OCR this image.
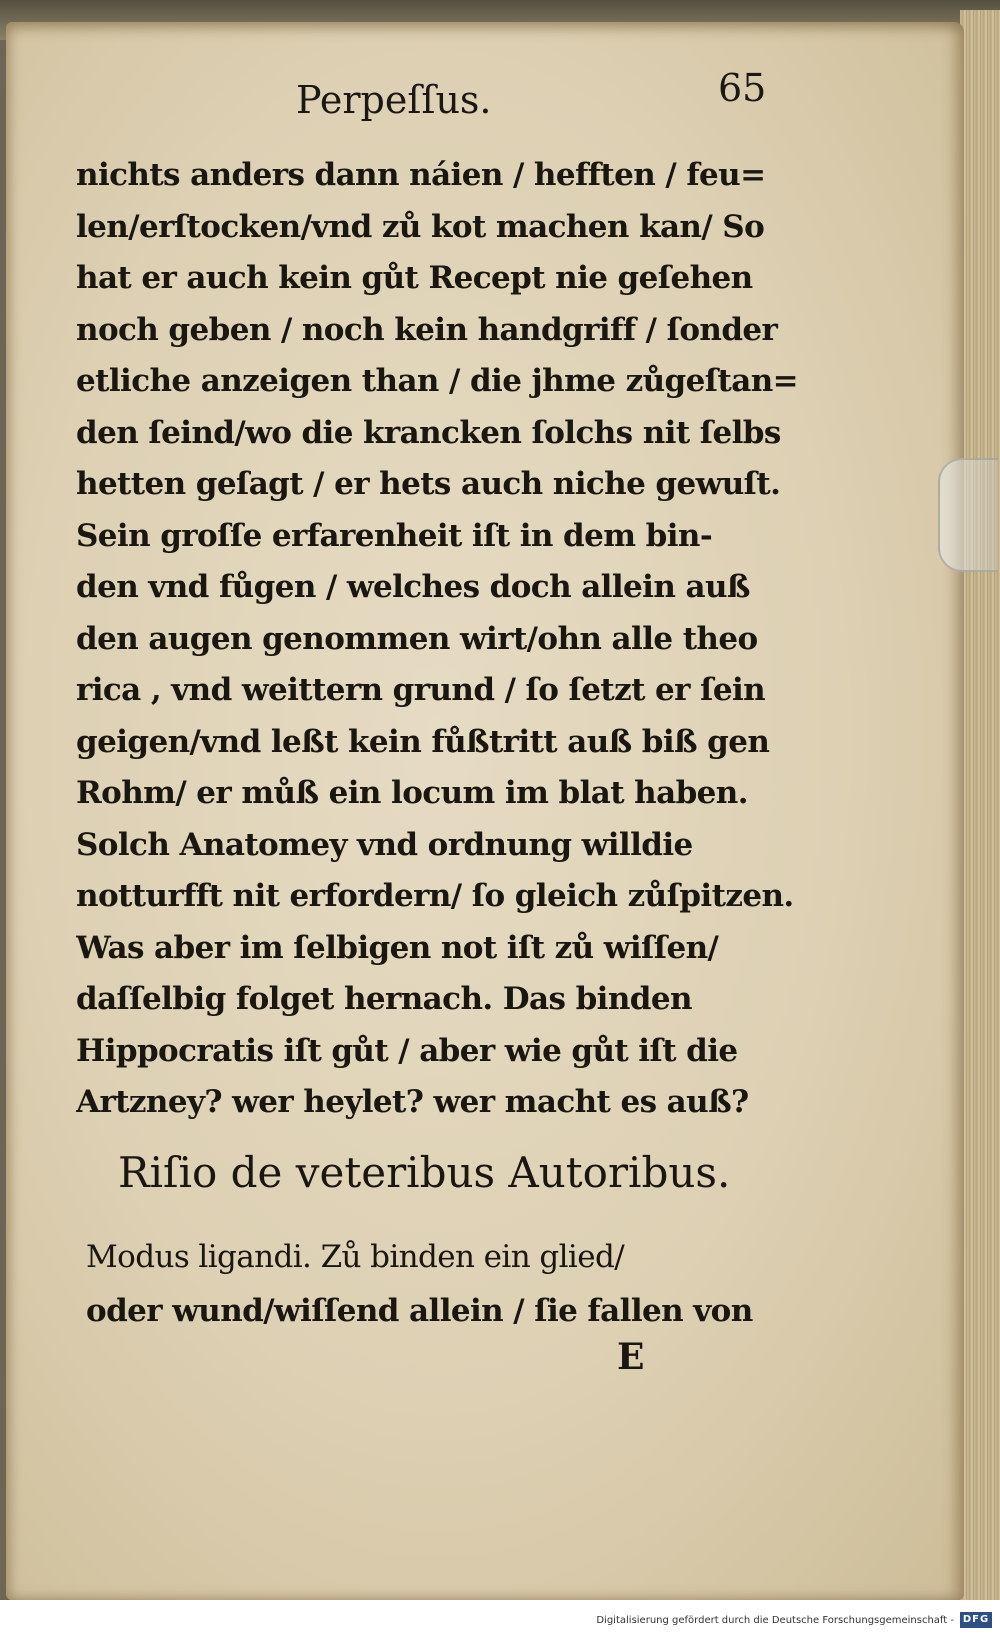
Perpeſſus.	65
nichts anders dann náien / hefften / feu=
len/erſtocken/vnd zů kot machen kan/ So
hat er auch kein gůt Recept nie geſehen
noch geben / noch kein handgriff / ſonder
etliche anzeigen than / die jhme zůgeſtan=
den ſeind/wo die krancken ſolchs nit ſelbs
hetten geſagt / er hets auch niche gewuſt.
Sein groſſe erfarenheit iſt in dem bin-
den vnd fůgen / welches doch allein auß
den augen genommen wirt/ohn alle theo
rica , vnd weittern grund / ſo ſetzt er ſein
geigen/vnd leßt kein fůßtritt auß biß gen
Rohm/ er můß ein locum im blat haben.
Solch Anatomey vnd ordnung willdie
notturfft nit erfordern/ ſo gleich zůſpitzen.
Was aber im ſelbigen not iſt zů wiſſen/
daſſelbig folget hernach. Das binden
Hippocratis iſt gůt / aber wie gůt iſt die
Artzney? wer heylet? wer macht es auß?
Riſio de veteribus Autoribus.
Modus ligandi. Zů binden ein glied/
oder wund/wiſſend allein / ſie fallen von
E
Digitalisierung gefördert durch die Deutsche Forschungsgemeinschaft - DFG
